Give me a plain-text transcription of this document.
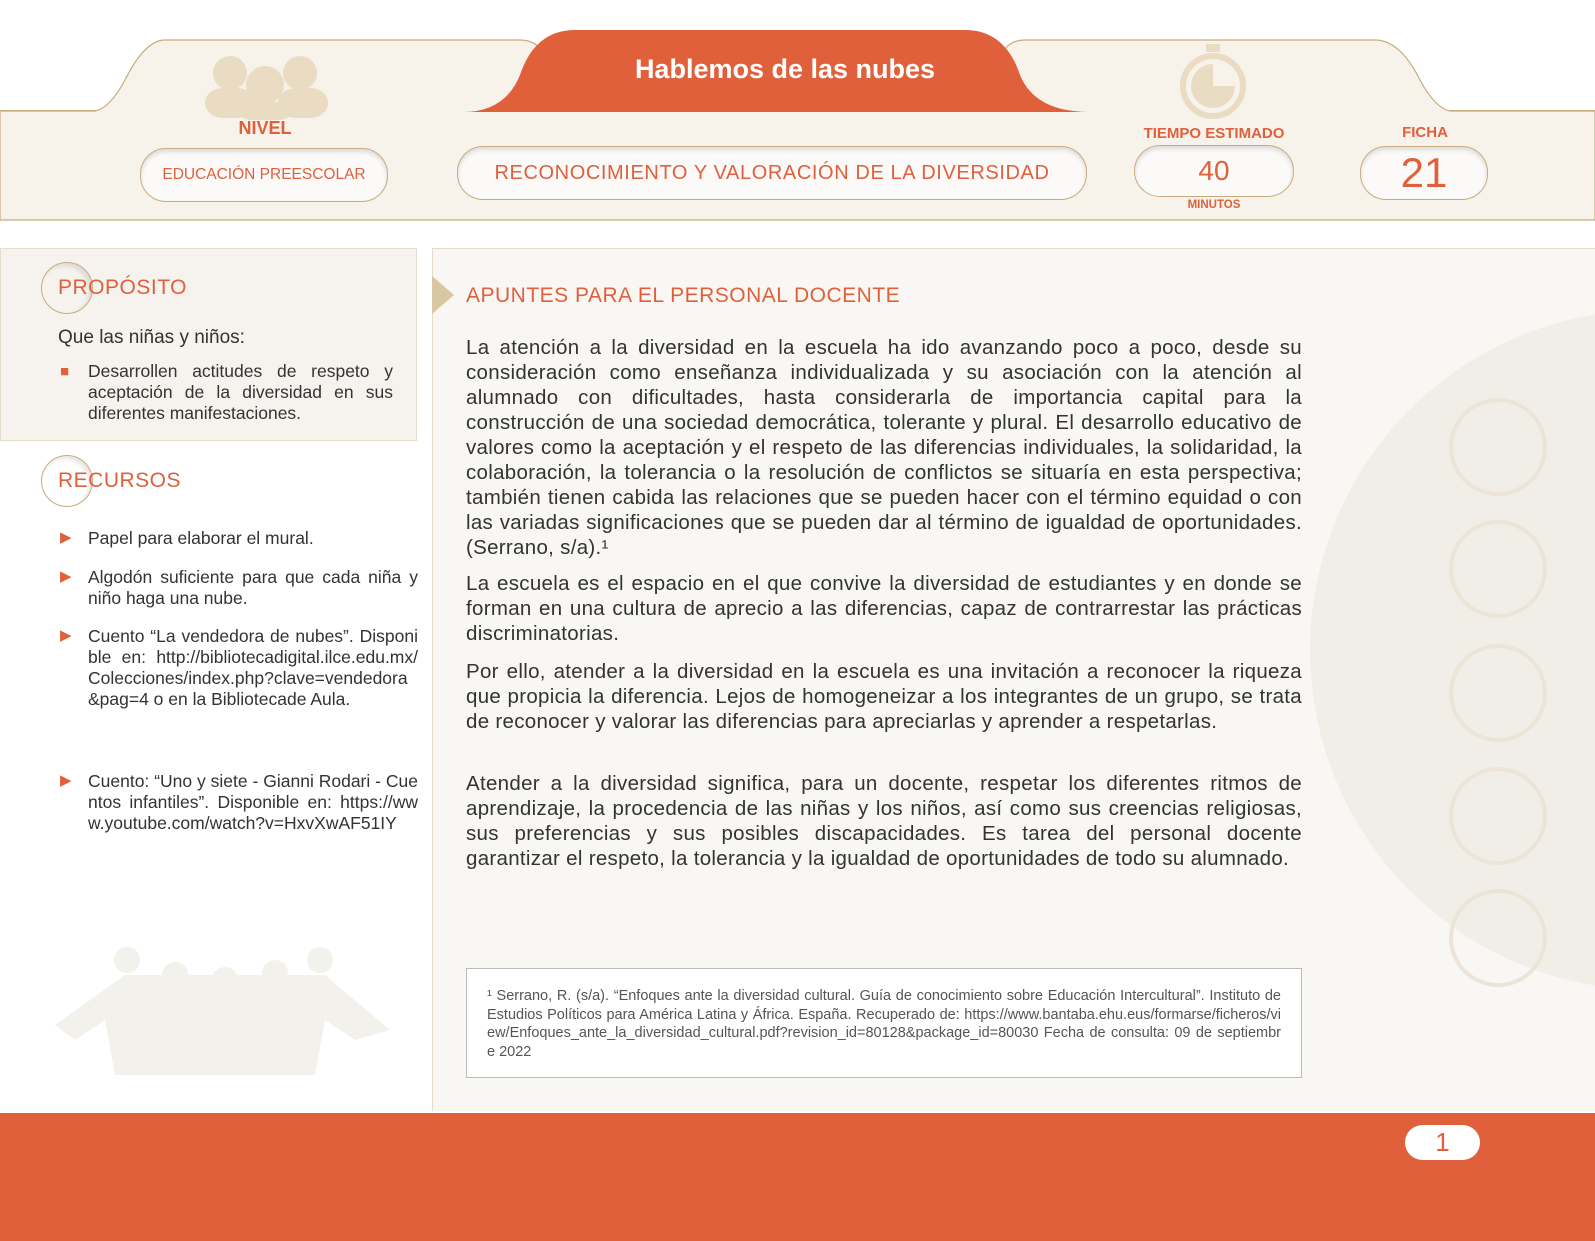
Hablemos de las nubes
NIVEL
EDUCACIÓN PREESCOLAR	RECONOCIMIENTO Y VALORACIÓN DE LA DIVERSIDAD
TIEMPO ESTIMADO
40
MINUTOS
FICHA
21
PROPÓSITO
Que las niñas y niños:
■ Desarrollen actitudes de respeto y aceptación de la diversidad en sus diferentes manifestaciones.
RECURSOS
▶ Papel para elaborar el mural.
▶ Algodón suficiente para que cada niña y niño haga una nube.
▶ Cuento “La vendedora de nubes”. Disponible en: http://bibliotecadigital.ilce.edu.mx/Colecciones/index.php?clave=vendedora&pag=4 o en la Bibliotecade Aula.
▶ Cuento: “Uno y siete - Gianni Rodari - Cuentos infantiles”. Disponible en: https://www.youtube.com/watch?v=HxvXwAF51IY
APUNTES PARA EL PERSONAL DOCENTE
La atención a la diversidad en la escuela ha ido avanzando poco a poco, desde su consideración como enseñanza individualizada y su asociación con la atención al alumnado con dificultades, hasta considerarla de importancia capital para la construcción de una sociedad democrática, tolerante y plural. El desarrollo educativo de valores como la aceptación y el respeto de las diferencias individuales, la solidaridad, la colaboración, la tolerancia o la resolución de conflictos se situaría en esta perspectiva; también tienen cabida las relaciones que se pueden hacer con el término equidad o con las variadas significaciones que se pueden dar al término de igualdad de oportunidades. (Serrano, s/a).¹
La escuela es el espacio en el que convive la diversidad de estudiantes y en donde se forman en una cultura de aprecio a las diferencias, capaz de contrarrestar las prácticas discriminatorias.
Por ello, atender a la diversidad en la escuela es una invitación a reconocer la riqueza que propicia la diferencia. Lejos de homogeneizar a los integrantes de un grupo, se trata de reconocer y valorar las diferencias para apreciarlas y aprender a respetarlas.
Atender a la diversidad significa, para un docente, respetar los diferentes ritmos de aprendizaje, la procedencia de las niñas y los niños, así como sus creencias religiosas, sus preferencias y sus posibles discapacidades. Es tarea del personal docente garantizar el respeto, la tolerancia y la igualdad de oportunidades de todo su alumnado.
¹ Serrano, R. (s/a). “Enfoques ante la diversidad cultural. Guía de conocimiento sobre Educación Intercultural”. Instituto de Estudios Políticos para América Latina y África. España. Recuperado de: https://www.bantaba.ehu.eus/formarse/ficheros/view/Enfoques_ante_la_diversidad_cultural.pdf?revision_id=80128&package_id=80030 Fecha de consulta: 09 de septiembre 2022
1
